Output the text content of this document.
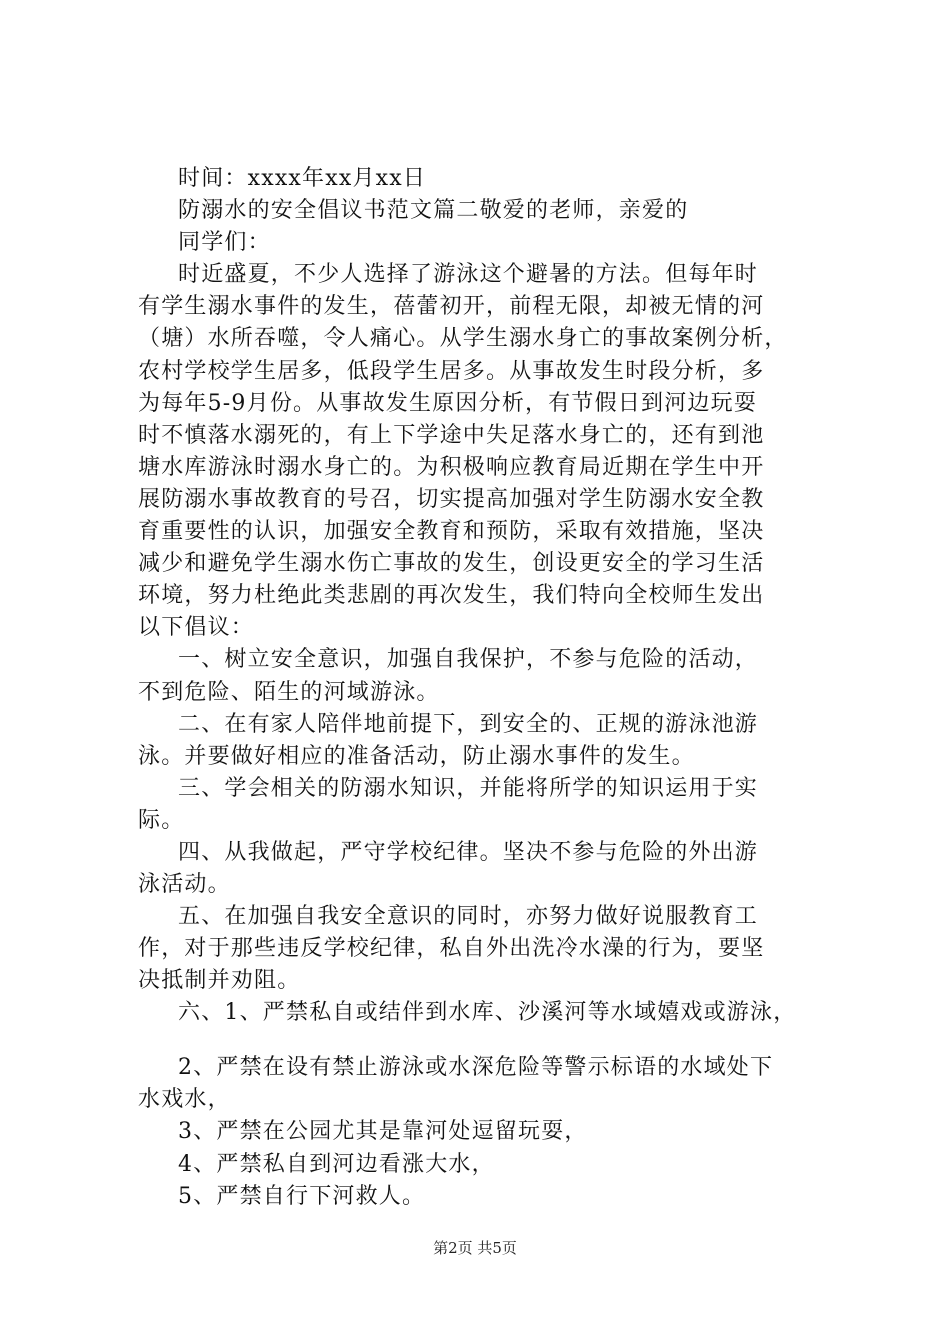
时间：xxxx年xx月xx日
防溺水的安全倡议书范文篇二敬爱的老师，亲爱的
同学们：
时近盛夏，不少人选择了游泳这个避暑的方法。但每年时
有学生溺水事件的发生，蓓蕾初开，前程无限，却被无情的河
（塘）水所吞噬，令人痛心。从学生溺水身亡的事故案例分析，
农村学校学生居多，低段学生居多。从事故发生时段分析，多
为每年5-9月份。从事故发生原因分析，有节假日到河边玩耍
时不慎落水溺死的，有上下学途中失足落水身亡的，还有到池
塘水库游泳时溺水身亡的。为积极响应教育局近期在学生中开
展防溺水事故教育的号召，切实提高加强对学生防溺水安全教
育重要性的认识，加强安全教育和预防，采取有效措施，坚决
减少和避免学生溺水伤亡事故的发生，创设更安全的学习生活
环境，努力杜绝此类悲剧的再次发生，我们特向全校师生发出
以下倡议：
一、树立安全意识，加强自我保护，不参与危险的活动，
不到危险、陌生的河域游泳。
二、在有家人陪伴地前提下，到安全的、正规的游泳池游
泳。并要做好相应的准备活动，防止溺水事件的发生。
三、学会相关的防溺水知识，并能将所学的知识运用于实
际。
四、从我做起，严守学校纪律。坚决不参与危险的外出游
泳活动。
五、在加强自我安全意识的同时，亦努力做好说服教育工
作，对于那些违反学校纪律，私自外出洗冷水澡的行为，要坚
决抵制并劝阻。
六、1、严禁私自或结伴到水库、沙溪河等水域嬉戏或游泳，
2、严禁在设有禁止游泳或水深危险等警示标语的水域处下
水戏水，
3、严禁在公园尤其是靠河处逗留玩耍，
4、严禁私自到河边看涨大水，
5、严禁自行下河救人。
第2页 共5页
